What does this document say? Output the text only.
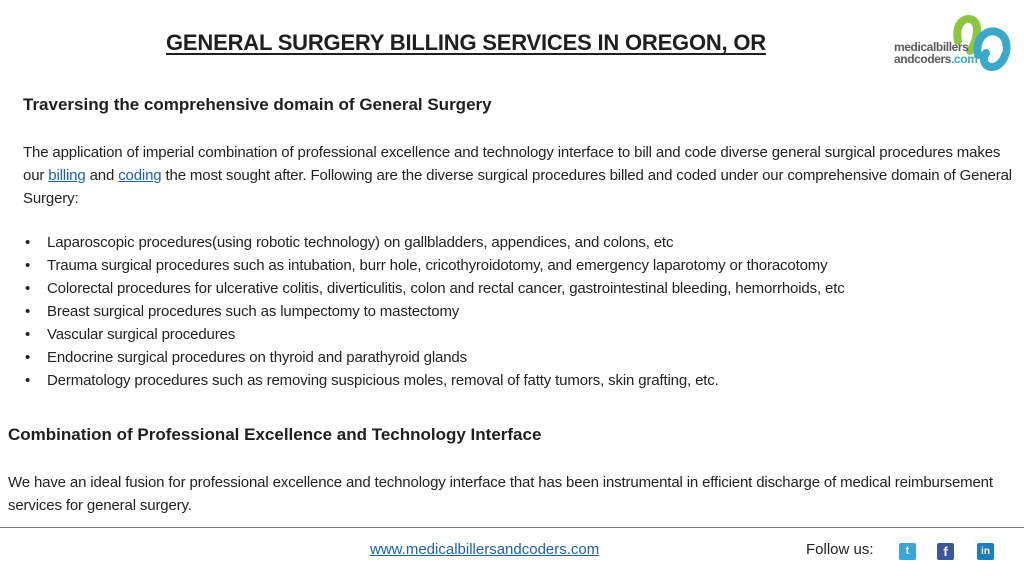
GENERAL SURGERY BILLING SERVICES IN OREGON, OR	medicalbillers
andcoders.com
Traversing the comprehensive domain of General Surgery

The application of imperial combination of professional excellence and technology interface to bill and code diverse general surgical procedures makes our billing and coding the most sought after. Following are the diverse surgical procedures billed and coded under our comprehensive domain of General Surgery:

• Laparoscopic procedures(using robotic technology) on gallbladders, appendices, and colons, etc
• Trauma surgical procedures such as intubation, burr hole, cricothyroidotomy, and emergency laparotomy or thoracotomy
• Colorectal procedures for ulcerative colitis, diverticulitis, colon and rectal cancer, gastrointestinal bleeding, hemorrhoids, etc
• Breast surgical procedures such as lumpectomy to mastectomy
• Vascular surgical procedures
• Endocrine surgical procedures on thyroid and parathyroid glands
• Dermatology procedures such as removing suspicious moles, removal of fatty tumors, skin grafting, etc.
Combination of Professional Excellence and Technology Interface

We have an ideal fusion for professional excellence and technology interface that has been instrumental in efficient discharge of medical reimbursement services for general surgery.

www.medicalbillersandcoders.com	Follow us:	t	f	in
